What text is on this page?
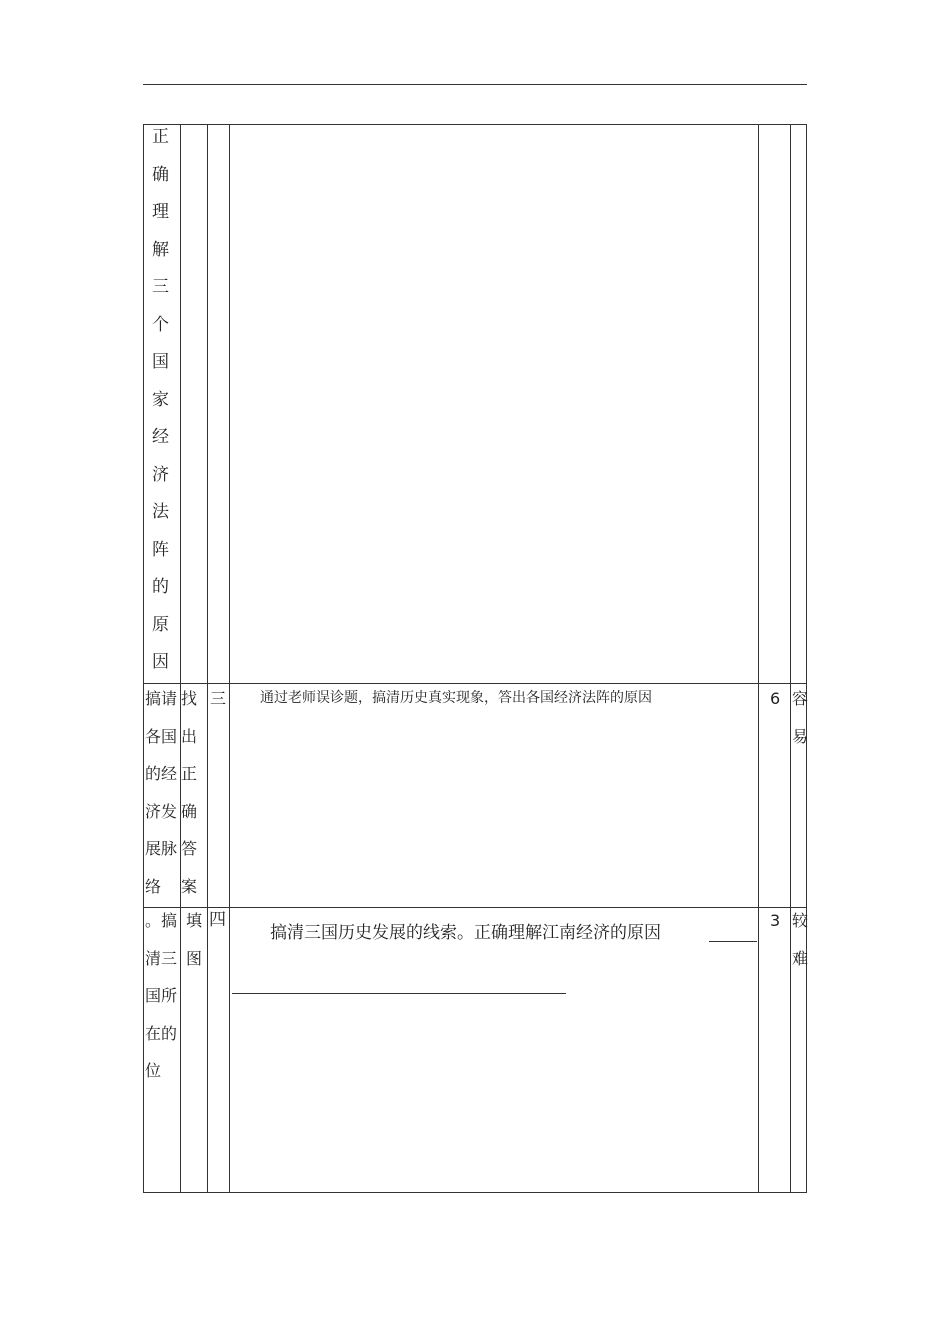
正确理解三个国家经济法阵的原因
搞请各国的经济发展脉络
找出正确答案
三 通过老师误诊题，搞清历史真实现象，答出各国经济法阵的原因	6 容易
。搞清三国所在的位
填图
四
搞清三国历史发展的线索。正确理解江南经济的原因
3 较难
